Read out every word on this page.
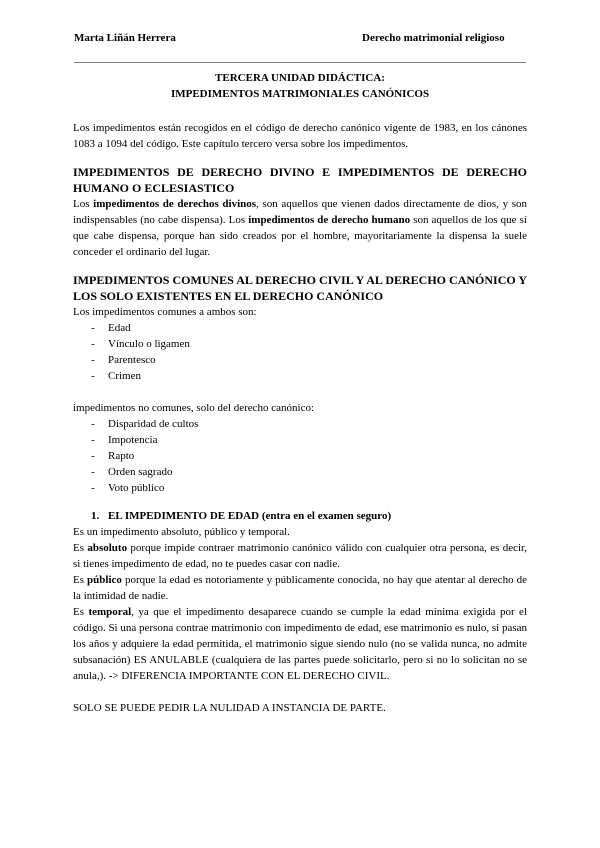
Marta Liñán Herrera	Derecho matrimonial religioso

TERCERA UNIDAD DIDÁCTICA:

IMPEDIMENTOS MATRIMONIALES CANÓNICOS

Los impedimentos están recogidos en el código de derecho canónico vigente de 1983, en los cánones 1083 a 1094 del código. Este capítulo tercero versa sobre los impedimentos.

IMPEDIMENTOS DE DERECHO DIVINO E IMPEDIMENTOS DE DERECHO HUMANO O ECLESIASTICO

Los impedimentos de derechos divinos, son aquellos que vienen dados directamente de dios, y son indispensables (no cabe dispensa). Los impedimentos de derecho humano son aquellos de los que sí que cabe dispensa, porque han sido creados por el hombre, mayoritariamente la dispensa la suele conceder el ordinario del lugar.

IMPEDIMENTOS COMUNES AL DERECHO CIVIL Y AL DERECHO CANÓNICO Y LOS SOLO EXISTENTES EN EL DERECHO CANÓNICO

Los impedimentos comunes a ambos son:

- Edad
- Vínculo o ligamen
- Parentesco
- Crimen

impedimentos no comunes, solo del derecho canónico:

- Disparidad de cultos
- Impotencia
- Rapto
- Orden sagrado
- Voto público

1. EL IMPEDIMENTO DE EDAD (entra en el examen seguro)

Es un impedimento absoluto, público y temporal.

Es absoluto porque impide contraer matrimonio canónico válido con cualquier otra persona, es decir, si tienes impedimento de edad, no te puedes casar con nadie.

Es público porque la edad es notoriamente y públicamente conocida, no hay que atentar al derecho de la intimidad de nadie.

Es temporal, ya que el impedimento desaparece cuando se cumple la edad mínima exigida por el código. Si una persona contrae matrimonio con impedimento de edad, ese matrimonio es nulo, si pasan los años y adquiere la edad permitida, el matrimonio sigue siendo nulo (no se valida nunca, no admite subsanación) ES ANULABLE (cualquiera de las partes puede solicitarlo, pero si no lo solicitan no se anula,). -> DIFERENCIA IMPORTANTE CON EL DERECHO CIVIL.

SOLO SE PUEDE PEDIR LA NULIDAD A INSTANCIA DE PARTE.
